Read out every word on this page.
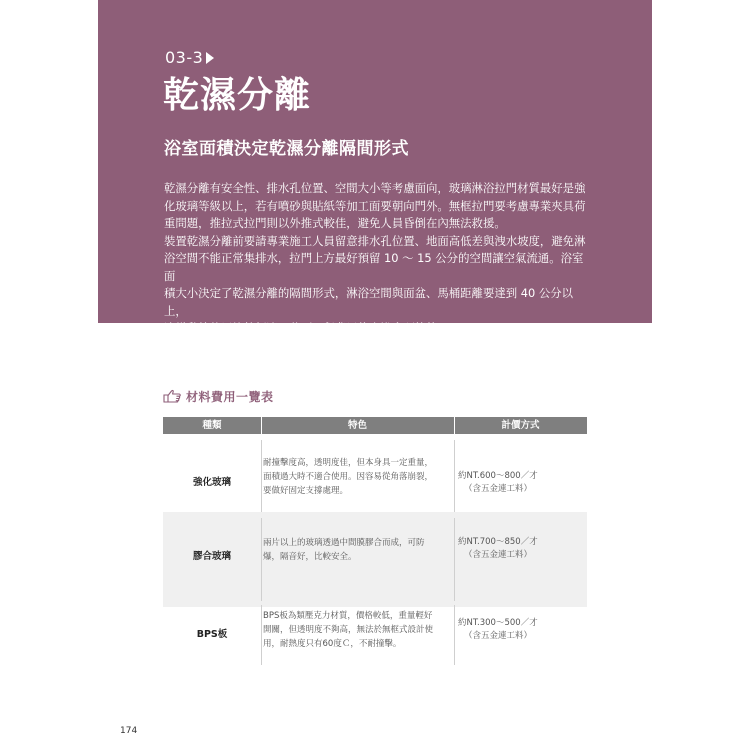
03-3
乾濕分離
浴室面積決定乾濕分離隔間形式

乾濕分離有安全性、排水孔位置、空間大小等考慮面向，玻璃淋浴拉門材質最好是強
化玻璃等級以上，若有噴砂與貼紙等加工面要朝向門外。無框拉門要考慮專業夾具荷
重問題，推拉式拉門則以外推式較佳，避免人員昏倒在內無法救援。

裝置乾濕分離前要請專業施工人員留意排水孔位置、地面高低差與洩水坡度，避免淋
浴空間不能正常集排水，拉門上方最好預留 10 ～ 15 公分的空間讓空氣流通。浴室面
積大小決定了乾濕分離的隔間形式，淋浴空間與面盆、馬桶距離要達到 40 公分以上，
這樣動線使用比較舒適，此項工程費用約占浴室預算的 20%。

材料費用一覽表
種類	特色	計價方式
強化玻璃
耐撞擊度高，透明度佳，但本身具一定重量，
面積過大時不適合使用。因容易從角落崩裂，
要做好固定支撐處理。
約NT.600～800／才

（含五金連工料）
膠合玻璃
兩片以上的玻璃透過中間膜膠合而成，可防
爆，隔音好，比較安全。
約NT.700～850／才

（含五金連工料）
BPS板
BPS板為類壓克力材質，價格較低，重量輕好
開關，但透明度不夠高，無法於無框式設計使
用，耐熱度只有60度Ｃ，不耐撞擊。
約NT.300～500／才

（含五金連工料）
174
